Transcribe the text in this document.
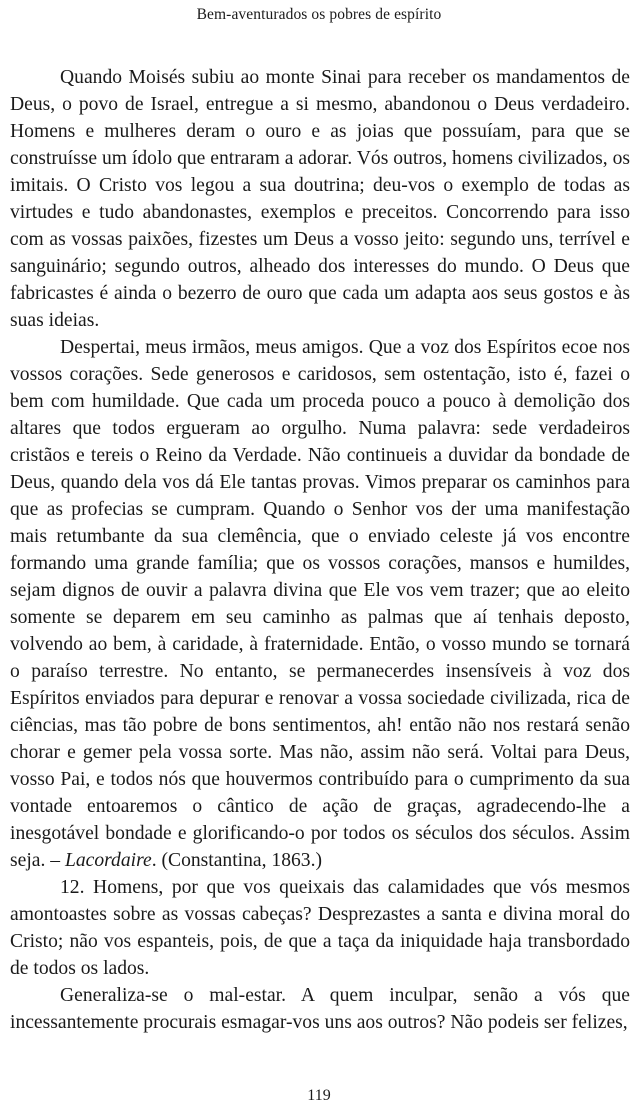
Bem-aventurados os pobres de espírito

Quando Moisés subiu ao monte Sinai para receber os mandamentos de Deus, o povo de Israel, entregue a si mesmo, abandonou o Deus verdadeiro. Homens e mulheres deram o ouro e as joias que possuíam, para que se construísse um ídolo que entraram a adorar. Vós outros, homens civilizados, os imitais. O Cristo vos legou a sua doutrina; deu-vos o exemplo de todas as virtudes e tudo abandonastes, exemplos e preceitos. Concorrendo para isso com as vossas paixões, fizestes um Deus a vosso jeito: segundo uns, terrível e sanguinário; segundo outros, alheado dos interesses do mundo. O Deus que fabricastes é ainda o bezerro de ouro que cada um adapta aos seus gostos e às suas ideias.

Despertai, meus irmãos, meus amigos. Que a voz dos Espíritos ecoe nos vossos corações. Sede generosos e caridosos, sem ostentação, isto é, fazei o bem com humildade. Que cada um proceda pouco a pouco à demolição dos altares que todos ergueram ao orgulho. Numa palavra: sede verdadeiros cristãos e tereis o Reino da Verdade. Não continueis a duvidar da bondade de Deus, quando dela vos dá Ele tantas provas. Vimos preparar os caminhos para que as profecias se cumpram. Quando o Senhor vos der uma manifestação mais retumbante da sua clemência, que o enviado celeste já vos encontre formando uma grande família; que os vossos corações, mansos e humildes, sejam dignos de ouvir a palavra divina que Ele vos vem trazer; que ao eleito somente se deparem em seu caminho as palmas que aí tenhais deposto, volvendo ao bem, à caridade, à fraternidade. Então, o vosso mundo se tornará o paraíso terrestre. No entanto, se permanecerdes insensíveis à voz dos Espíritos enviados para depurar e renovar a vossa sociedade civilizada, rica de ciências, mas tão pobre de bons sentimentos, ah! então não nos restará senão chorar e gemer pela vossa sorte. Mas não, assim não será. Voltai para Deus, vosso Pai, e todos nós que houvermos contribuído para o cumprimento da sua vontade entoaremos o cântico de ação de graças, agradecendo-lhe a inesgotável bondade e glorificando-o por todos os séculos dos séculos. Assim seja. – Lacordaire. (Constantina, 1863.)

12. Homens, por que vos queixais das calamidades que vós mesmos amontoastes sobre as vossas cabeças? Desprezastes a santa e divina moral do Cristo; não vos espanteis, pois, de que a taça da iniquidade haja transbordado de todos os lados.

Generaliza-se o mal-estar. A quem inculpar, senão a vós que incessantemente procurais esmagar-vos uns aos outros? Não podeis ser felizes,

119
